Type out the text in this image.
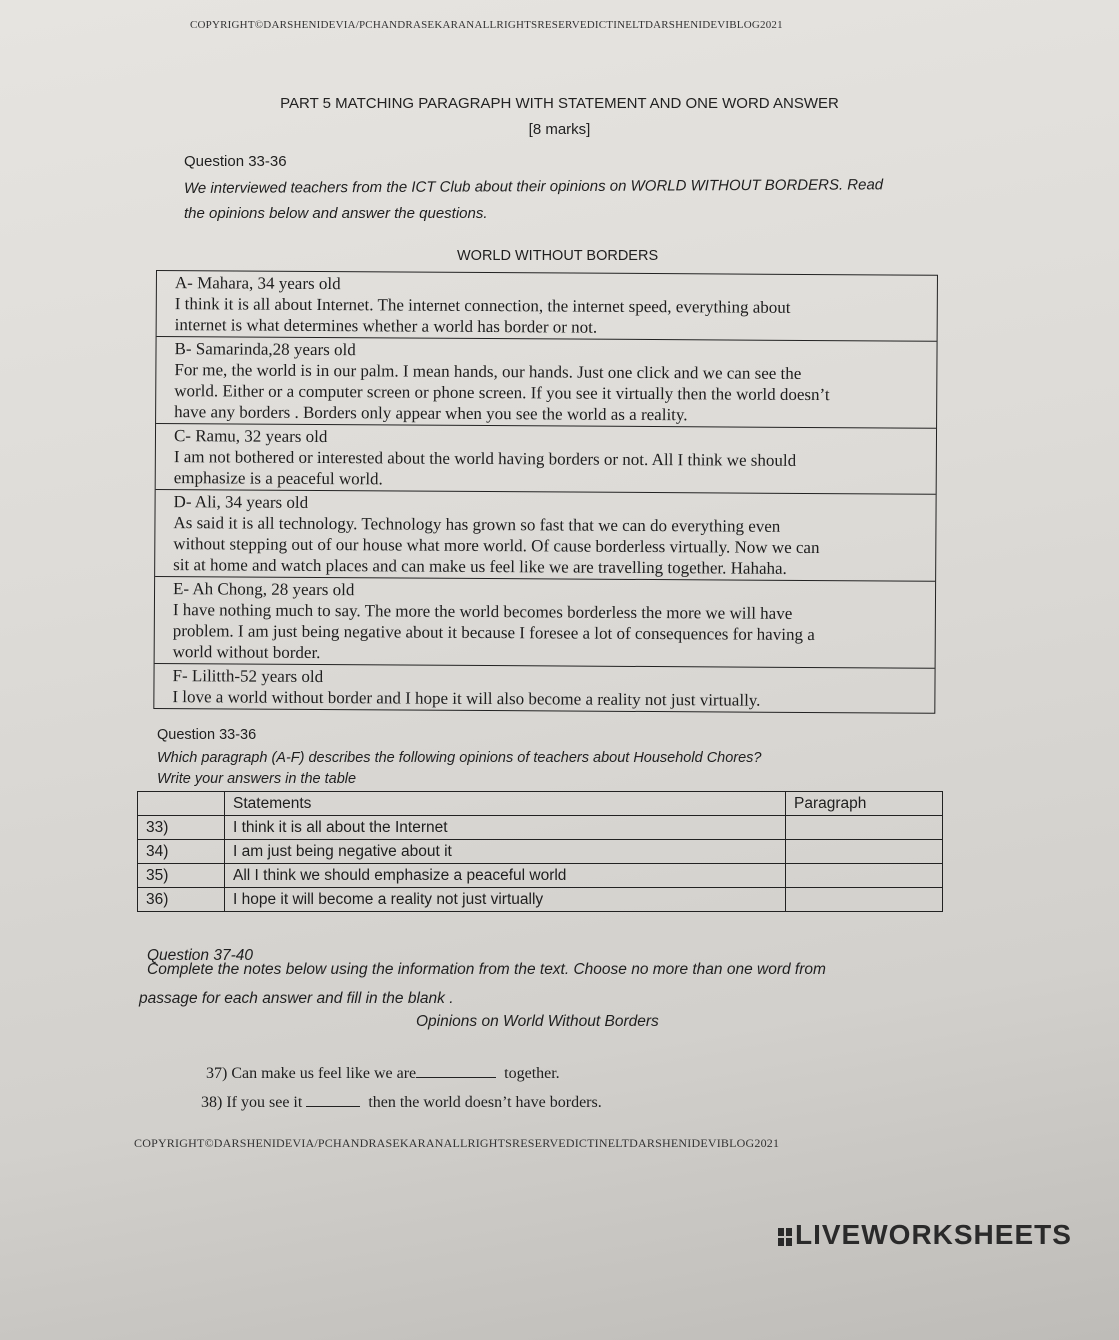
COPYRIGHT©DARSHENIDEVIA/PCHANDRASEKARANALLRIGHTSRESERVEDICTINELTDARSHENIDEVIBLOG2021
PART 5 MATCHING PARAGRAPH WITH STATEMENT AND ONE WORD ANSWER
[8 marks]
Question 33-36
We interviewed teachers from the ICT Club about their opinions on WORLD WITHOUT BORDERS. Read
the opinions below and answer the questions.
WORLD WITHOUT BORDERS
A- Mahara, 34 years old
I think it is all about Internet. The internet connection, the internet speed, everything about
internet is what determines whether a world has border or not.
B- Samarinda,28 years old
For me, the world is in our palm. I mean hands, our hands. Just one click and we can see the
world. Either or a computer screen or phone screen. If you see it virtually then the world doesn’t
have any borders . Borders only appear when you see the world as a reality.
C- Ramu, 32 years old
I am not bothered or interested about the world having borders or not. All I think we should
emphasize is a peaceful world.
D- Ali, 34 years old
As said it is all technology. Technology has grown so fast that we can do everything even
without stepping out of our house what more world. Of cause borderless virtually. Now we can
sit at home and watch places and can make us feel like we are travelling together. Hahaha.
E- Ah Chong, 28 years old
I have nothing much to say. The more the world becomes borderless the more we will have
problem. I am just being negative about it because I foresee a lot of consequences for having a
world without border.
F- Lilitth-52 years old
I love a world without border and I hope it will also become a reality not just virtually.
Question 33-36
Which paragraph (A-F) describes the following opinions of teachers about Household Chores?
Write your answers in the table
	Statements	Paragraph
33)	I think it is all about the Internet	
34)	I am just being negative about it	
35)	All I think we should emphasize a peaceful world	
36)	I hope it will become a reality not just virtually	
Question 37-40
Complete the notes below using the information from the text. Choose no more than one word from
passage for each answer and fill in the blank .
Opinions on World Without Borders
37) Can make us feel like we are	together.
38) If you see it	then the world doesn’t have borders.
COPYRIGHT©DARSHENIDEVIA/PCHANDRASEKARANALLRIGHTSRESERVEDICTINELTDARSHENIDEVIBLOG2021
LIVEWORKSHEETS
